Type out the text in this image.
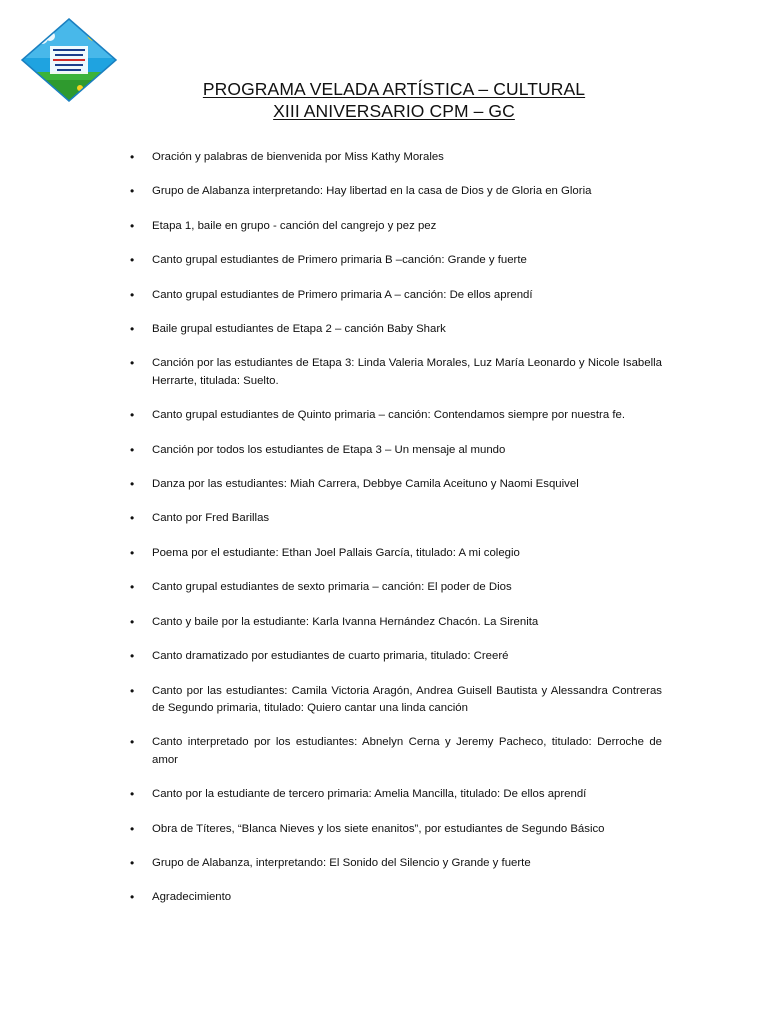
PROGRAMA VELADA ARTÍSTICA – CULTURAL
XIII ANIVERSARIO CPM – GC
• Oración y palabras de bienvenida por Miss Kathy Morales
• Grupo de Alabanza interpretando: Hay libertad en la casa de Dios y de Gloria en Gloria
• Etapa 1, baile en grupo - canción del cangrejo y pez pez
• Canto grupal estudiantes de Primero primaria B –canción: Grande y fuerte
• Canto grupal estudiantes de Primero primaria A – canción: De ellos aprendí
• Baile grupal estudiantes de Etapa 2 – canción Baby Shark
• Canción por las estudiantes de Etapa 3: Linda Valeria Morales, Luz María Leonardo y Nicole Isabella Herrarte, titulada: Suelto.
• Canto grupal estudiantes de Quinto primaria – canción: Contendamos siempre por nuestra fe.
• Canción por todos los estudiantes de Etapa 3 – Un mensaje al mundo
• Danza por las estudiantes: Miah Carrera, Debbye Camila Aceituno y Naomi Esquivel
• Canto por Fred Barillas
• Poema por el estudiante: Ethan Joel Pallais García, titulado: A mi colegio
• Canto grupal estudiantes de sexto primaria – canción: El poder de Dios
• Canto y baile por la estudiante: Karla Ivanna Hernández Chacón. La Sirenita
• Canto dramatizado por estudiantes de cuarto primaria, titulado: Creeré
• Canto por las estudiantes: Camila Victoria Aragón, Andrea Guisell Bautista y Alessandra Contreras de Segundo primaria, titulado: Quiero cantar una linda canción
• Canto interpretado por los estudiantes: Abnelyn Cerna y Jeremy Pacheco, titulado: Derroche de amor
• Canto por la estudiante de tercero primaria: Amelia Mancilla, titulado: De ellos aprendí
• Obra de Títeres, “Blanca Nieves y los siete enanitos”, por estudiantes de Segundo Básico
• Grupo de Alabanza, interpretando: El Sonido del Silencio y Grande y fuerte
• Agradecimiento
